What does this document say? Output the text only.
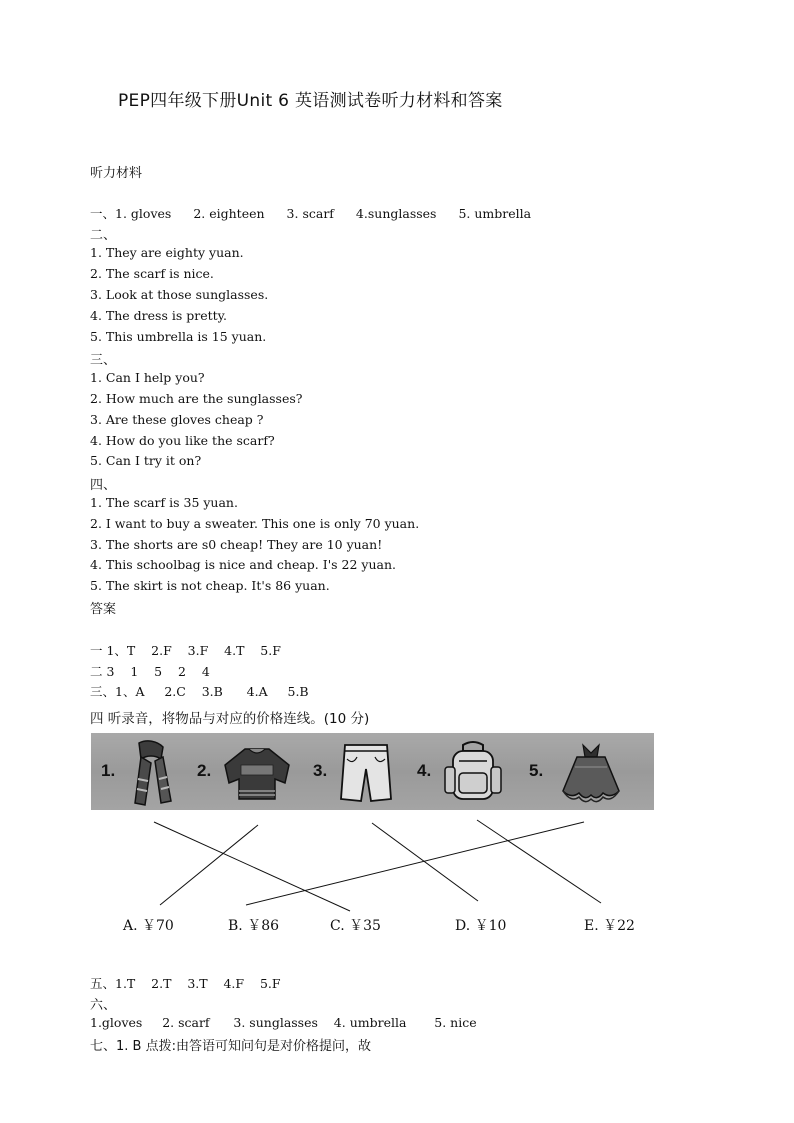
PEP四年级下册Unit 6 英语测试卷听力材料和答案
听力材料
一、1. gloves 2. eighteen 3. scarf 4.sunglasses 5. umbrella
二、
1. They are eighty yuan.
2. The scarf is nice.
3. Look at those sunglasses.
4. The dress is pretty.
5. This umbrella is 15 yuan.
三、
1. Can I help you?
2. How much are the sunglasses?
3. Are these gloves cheap ?
4. How do you like the scarf?
5. Can I try it on?
四、
1. The scarf is 35 yuan.
2. I want to buy a sweater. This one is only 70 yuan.
3. The shorts are s0 cheap! They are 10 yuan!
4. This schoolbag is nice and cheap. I's 22 yuan.
5. The skirt is not cheap. It's 86 yuan.
答案
一 1、T    2.F    3.F    4.T    5.F
二 3    1    5    2    4
三、1、A     2.C    3.B      4.A     5.B
四 听录音，将物品与对应的价格连线。(10 分)
1.	2.	3.	4.	5.
A. ￥70	B. ￥86	C. ￥35	D. ￥10	E. ￥22
五、1.T    2.T    3.T    4.F    5.F
六、
1.gloves     2. scarf      3. sunglasses    4. umbrella       5. nice
七、1. B 点拨:由答语可知问句是对价格提问，故
